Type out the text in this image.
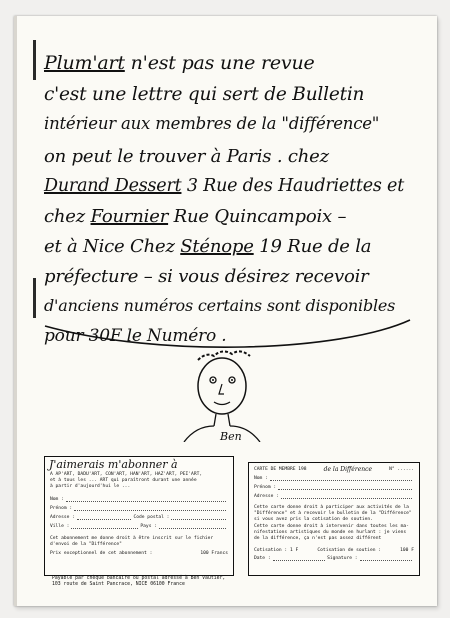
Plum'art n'est pas une revue
c'est une lettre qui sert de Bulletin
intérieur aux membres de la "différence"
on peut le trouver à Paris . chez
Durand Dessert 3 Rue des Haudriettes et
chez Fournier Rue Quincampoix –
et à Nice Chez Sténope 19 Rue de la
préfecture – si vous désirez recevoir
d'anciens numéros certains sont disponibles
pour 30F le Numéro .
Ben
J'aimerais m'abonner à
A AP'ART, DADU'ART, CON'ART, HAN'ART, HAZ'ART, PEI'ART,
et à tous les ... ART qui paraîtront durant une année
à partir d'aujourd'hui le ...
Nom :
Prénom :
Adresse :	Code postal :
Ville :	Pays :
Cet abonnement me donne droit à être inscrit sur le fichier
d'envoi de la "Différence"
Prix exceptionnel de cet abonnement :	100 Francs
CARTE DE MEMBRE 198	de la Différence	N° ......
Nom :
Prénom :
Adresse :
Cette carte donne droit à participer aux activités de la
"Différence" et à recevoir le bulletin de la "Différence"
si vous avez pris la cotisation de soutien.
Cette carte donne droit à intervenir dans toutes les ma-
nifestations artistiques du monde en hurlant : je viens
de la différence, ça n'est pas assez différent
Cotisation : 1 F	Cotisation de soutien :	100 F
Date :	Signature :
Payable par chèque bancaire ou postal adressé à Ben Vautier,
103 route de Saint Pancrace, NICE 06100 France
